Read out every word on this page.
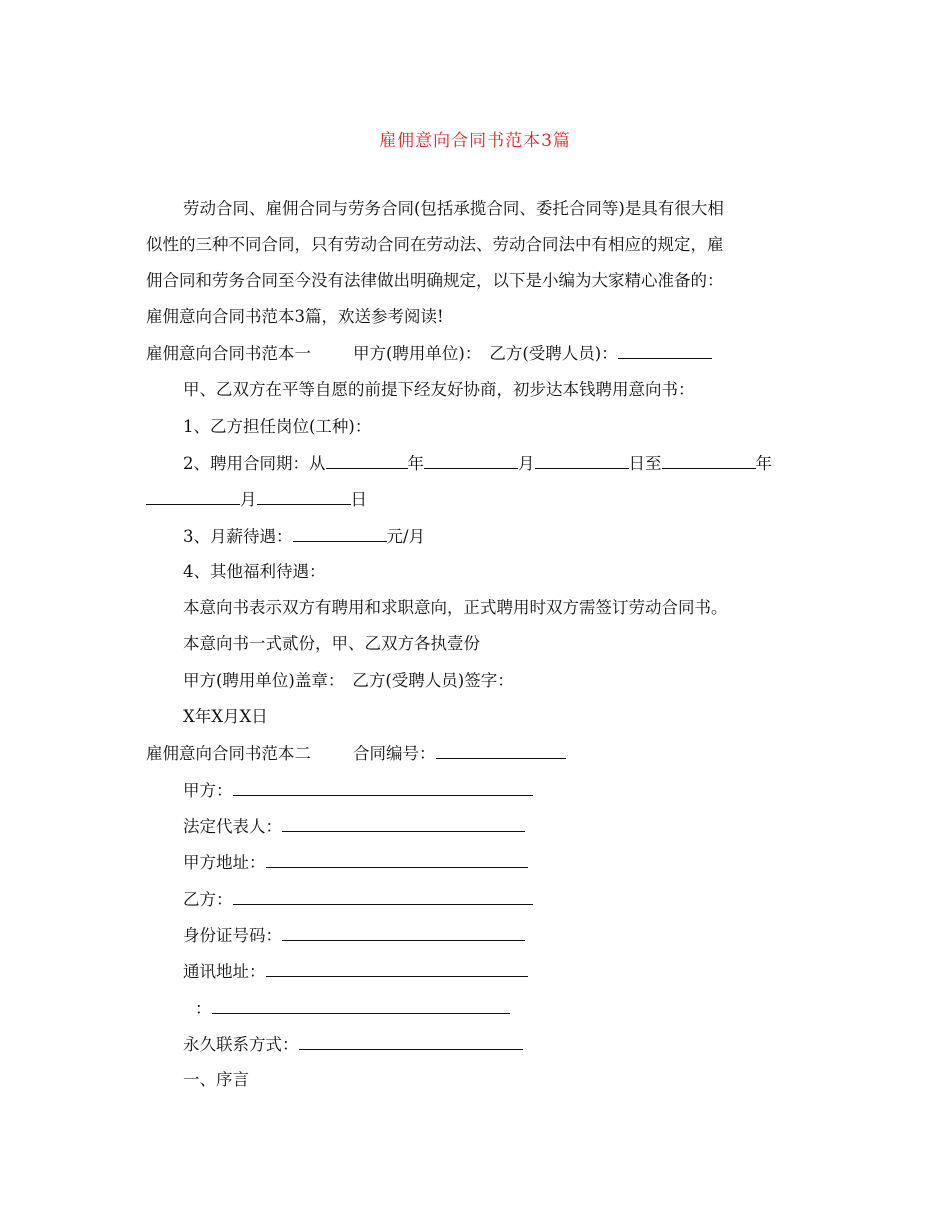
雇佣意向合同书范本3篇
劳动合同、雇佣合同与劳务合同(包括承揽合同、委托合同等)是具有很大相
似性的三种不同合同，只有劳动合同在劳动法、劳动合同法中有相应的规定，雇
佣合同和劳务合同至今没有法律做出明确规定，以下是小编为大家精心准备的：
雇佣意向合同书范本3篇，欢送参考阅读!
雇佣意向合同书范本一	甲方(聘用单位)： 乙方(受聘人员)：
甲、乙双方在平等自愿的前提下经友好协商，初步达本钱聘用意向书：
1、乙方担任岗位(工种)：
2、聘用合同期：从	年	月	日至	年
月	日
3、月薪待遇：	元/月
4、其他福利待遇：
本意向书表示双方有聘用和求职意向，正式聘用时双方需签订劳动合同书。
本意向书一式贰份，甲、乙双方各执壹份
甲方(聘用单位)盖章： 乙方(受聘人员)签字：
X年X月X日
雇佣意向合同书范本二	合同编号：
甲方：
法定代表人：
甲方地址：
乙方：
身份证号码：
通讯地址：
：
永久联系方式：
一、序言
